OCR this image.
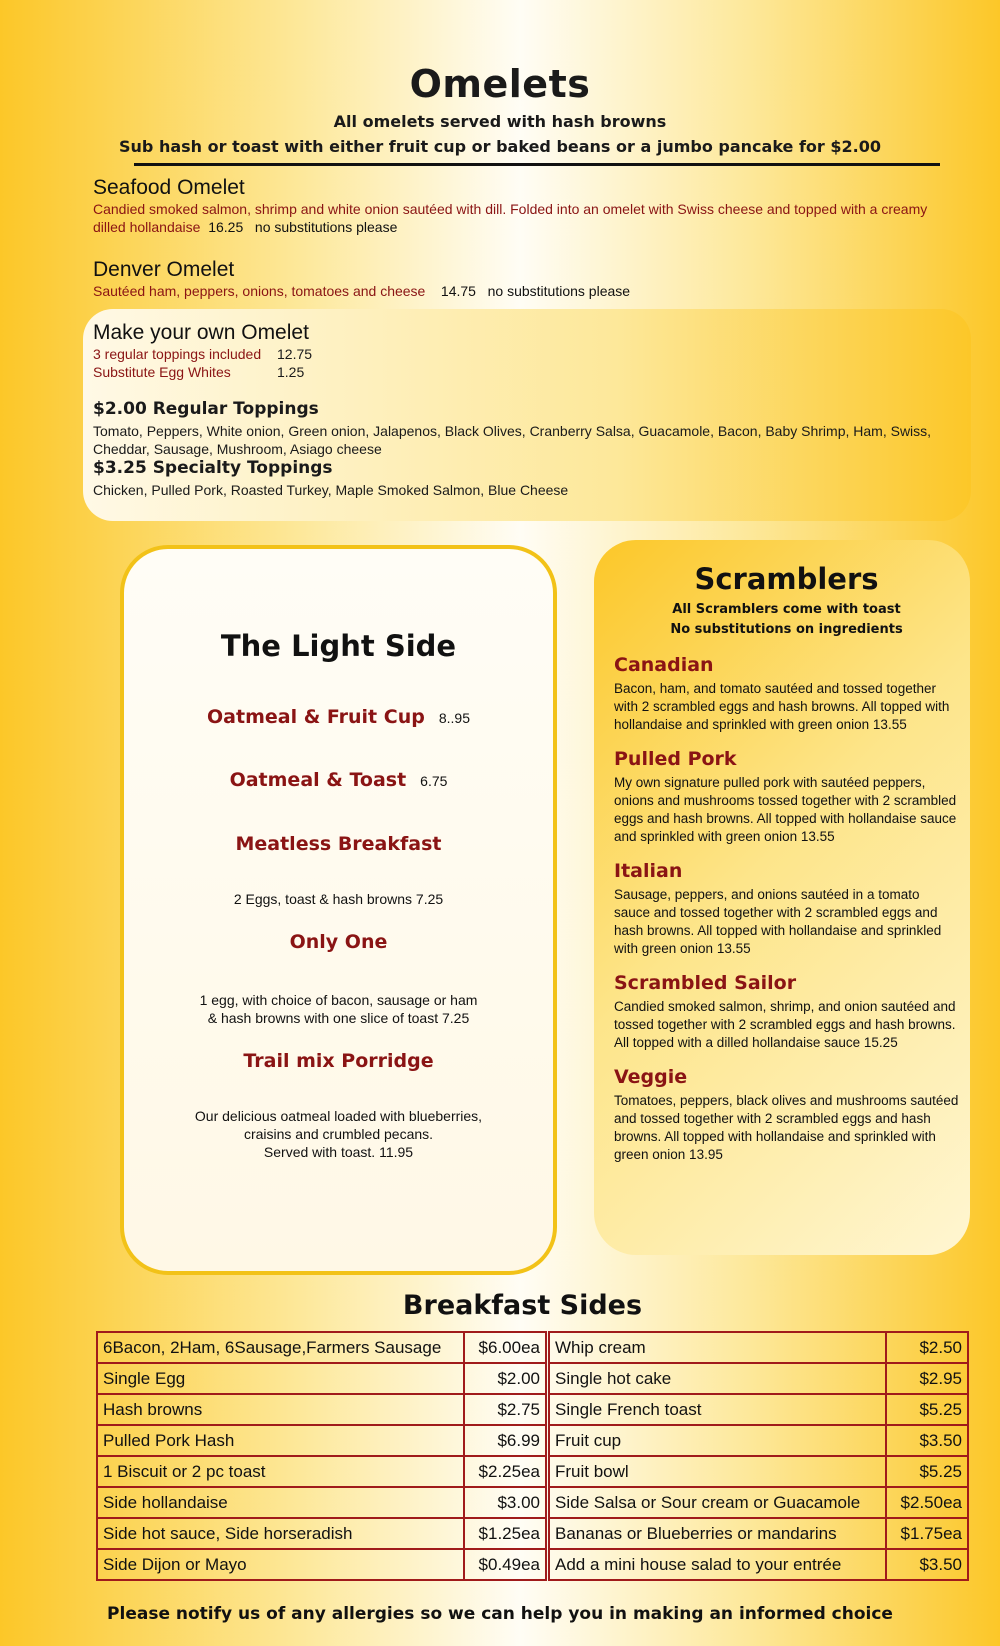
Omelets
All omelets served with hash browns
Sub hash or toast with either fruit cup or baked beans or a jumbo pancake for $2.00
Seafood Omelet
Candied smoked salmon, shrimp and white onion sautéed with dill. Folded into an omelet with Swiss cheese and topped with a creamy dilled hollandaise 16.25 no substitutions please
Denver Omelet
Sautéed ham, peppers, onions, tomatoes and cheese 14.75 no substitutions please
Make your own Omelet
3 regular toppings included 12.75
Substitute Egg Whites	1.25
$2.00 Regular Toppings
Tomato, Peppers, White onion, Green onion, Jalapenos, Black Olives, Cranberry Salsa, Guacamole, Bacon, Baby Shrimp, Ham, Swiss, Cheddar, Sausage, Mushroom, Asiago cheese
$3.25 Specialty Toppings
Chicken, Pulled Pork, Roasted Turkey, Maple Smoked Salmon, Blue Cheese
The Light Side
Oatmeal & Fruit Cup 8..95
Oatmeal & Toast 6.75
Meatless Breakfast
2 Eggs, toast & hash browns 7.25
Only One
1 egg, with choice of bacon, sausage or ham
& hash browns with one slice of toast 7.25
Trail mix Porridge
Our delicious oatmeal loaded with blueberries,
craisins and crumbled pecans.
Served with toast. 11.95
Scramblers
All Scramblers come with toast
No substitutions on ingredients
Canadian
Bacon, ham, and tomato sautéed and tossed together with 2 scrambled eggs and hash browns. All topped with hollandaise and sprinkled with green onion 13.55
Pulled Pork
My own signature pulled pork with sautéed peppers, onions and mushrooms tossed together with 2 scrambled eggs and hash browns. All topped with hollandaise sauce and sprinkled with green onion 13.55
Italian
Sausage, peppers, and onions sautéed in a tomato sauce and tossed together with 2 scrambled eggs and hash browns. All topped with hollandaise and sprinkled with green onion 13.55
Scrambled Sailor
Candied smoked salmon, shrimp, and onion sautéed and tossed together with 2 scrambled eggs and hash browns. All topped with a dilled hollandaise sauce 15.25
Veggie
Tomatoes, peppers, black olives and mushrooms sautéed and tossed together with 2 scrambled eggs and hash browns. All topped with hollandaise and sprinkled with green onion 13.95
Breakfast Sides
6Bacon, 2Ham, 6Sausage,Farmers Sausage	$6.00ea
Single Egg	$2.00
Hash browns	$2.75
Pulled Pork Hash	$6.99
1 Biscuit or 2 pc toast	$2.25ea
Side hollandaise	$3.00
Side hot sauce, Side horseradish	$1.25ea
Side Dijon or Mayo	$0.49ea
Whip cream	$2.50
Single hot cake	$2.95
Single French toast	$5.25
Fruit cup	$3.50
Fruit bowl	$5.25
Side Salsa or Sour cream or Guacamole	$2.50ea
Bananas or Blueberries or mandarins	$1.75ea
Add a mini house salad to your entrée	$3.50
Please notify us of any allergies so we can help you in making an informed choice
